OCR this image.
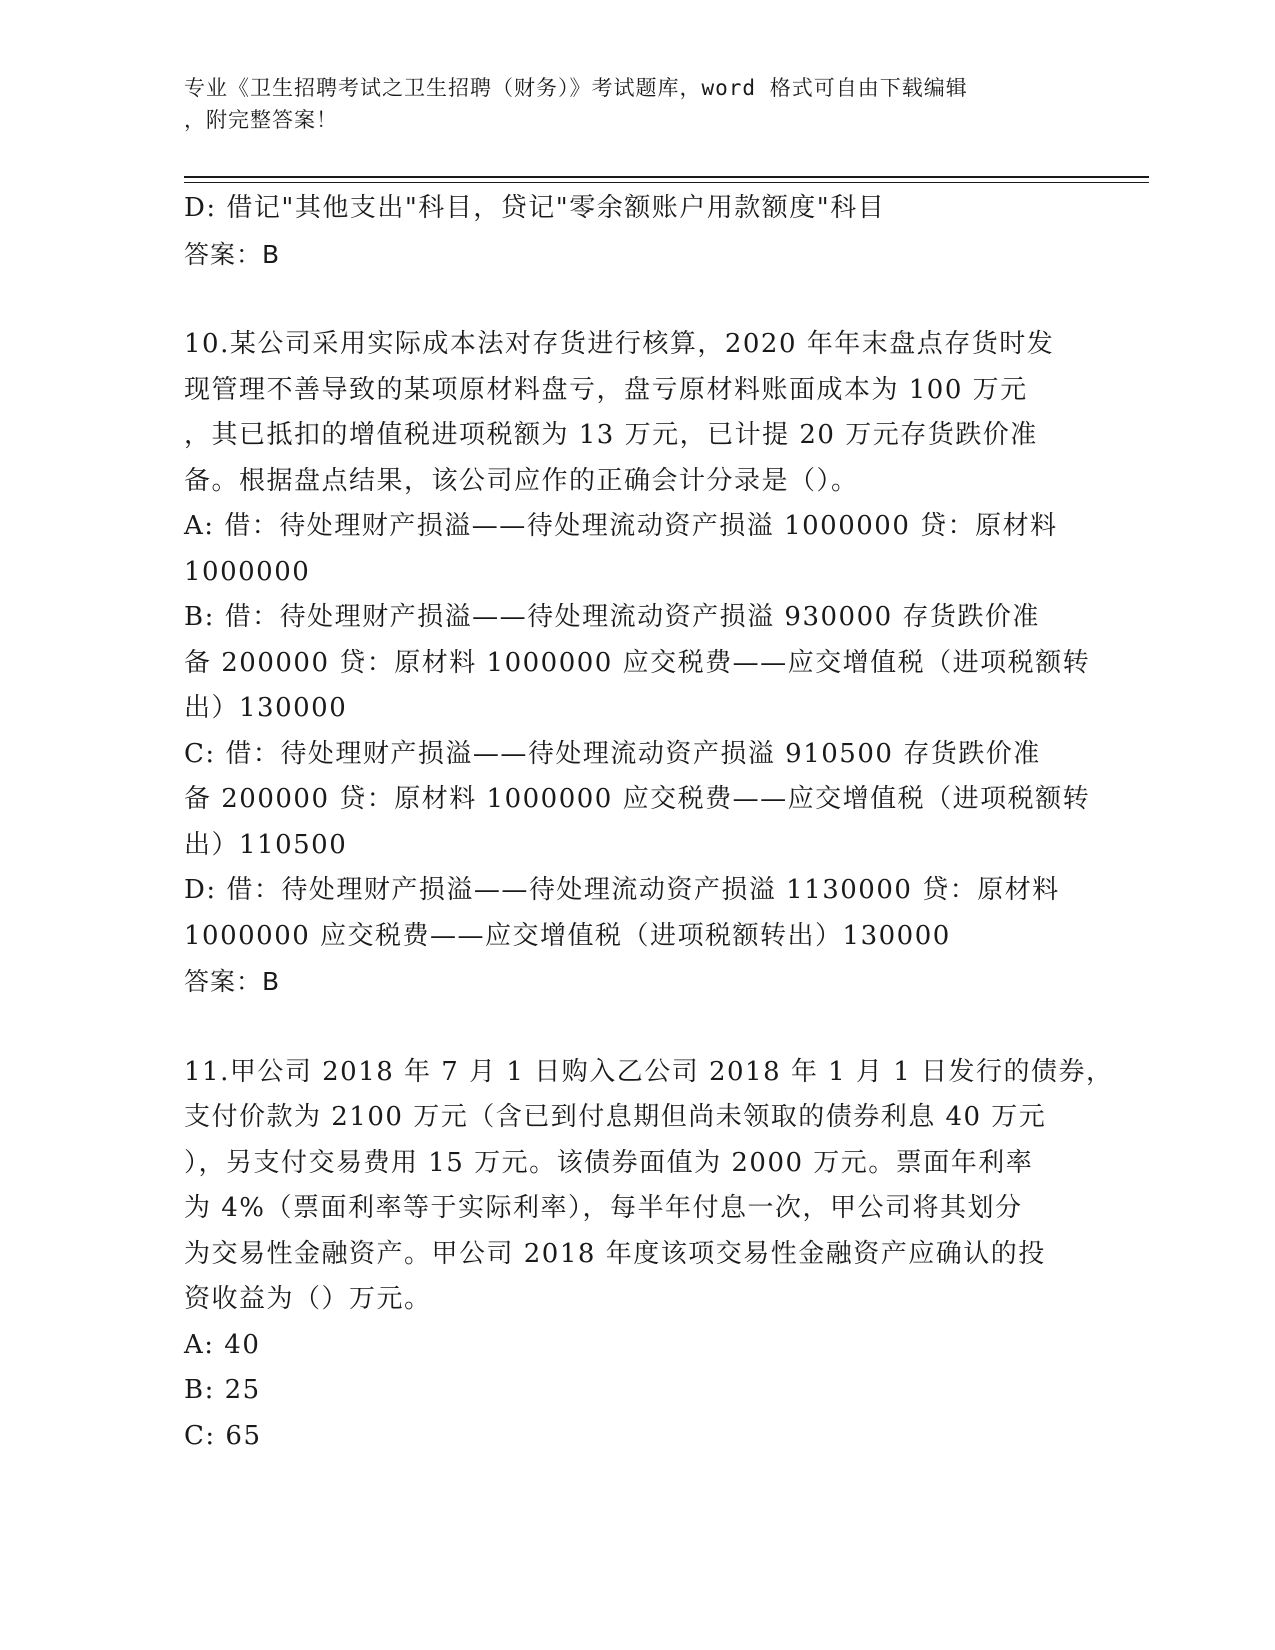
专业《卫生招聘考试之卫生招聘（财务）》考试题库，word 格式可自由下载编辑
，附完整答案！
D: 借记"其他支出"科目，贷记"零余额账户用款额度"科目
答案：B
10.某公司采用实际成本法对存货进行核算，2020 年年末盘点存货时发
现管理不善导致的某项原材料盘亏，盘亏原材料账面成本为 100 万元
，其已抵扣的增值税进项税额为 13 万元，已计提 20 万元存货跌价准
备。根据盘点结果，该公司应作的正确会计分录是（）。
A: 借：待处理财产损溢——待处理流动资产损溢 1000000 贷：原材料
1000000
B: 借：待处理财产损溢——待处理流动资产损溢 930000 存货跌价准
备 200000 贷：原材料 1000000 应交税费——应交增值税（进项税额转
出）130000
C: 借：待处理财产损溢——待处理流动资产损溢 910500 存货跌价准
备 200000 贷：原材料 1000000 应交税费——应交增值税（进项税额转
出）110500
D: 借：待处理财产损溢——待处理流动资产损溢 1130000 贷：原材料
1000000 应交税费——应交增值税（进项税额转出）130000
答案：B
11.甲公司 2018 年 7 月 1 日购入乙公司 2018 年 1 月 1 日发行的债券，
支付价款为 2100 万元（含已到付息期但尚未领取的债券利息 40 万元
），另支付交易费用 15 万元。该债券面值为 2000 万元。票面年利率
为 4%（票面利率等于实际利率），每半年付息一次，甲公司将其划分
为交易性金融资产。甲公司 2018 年度该项交易性金融资产应确认的投
资收益为（）万元。
A: 40
B: 25
C: 65
